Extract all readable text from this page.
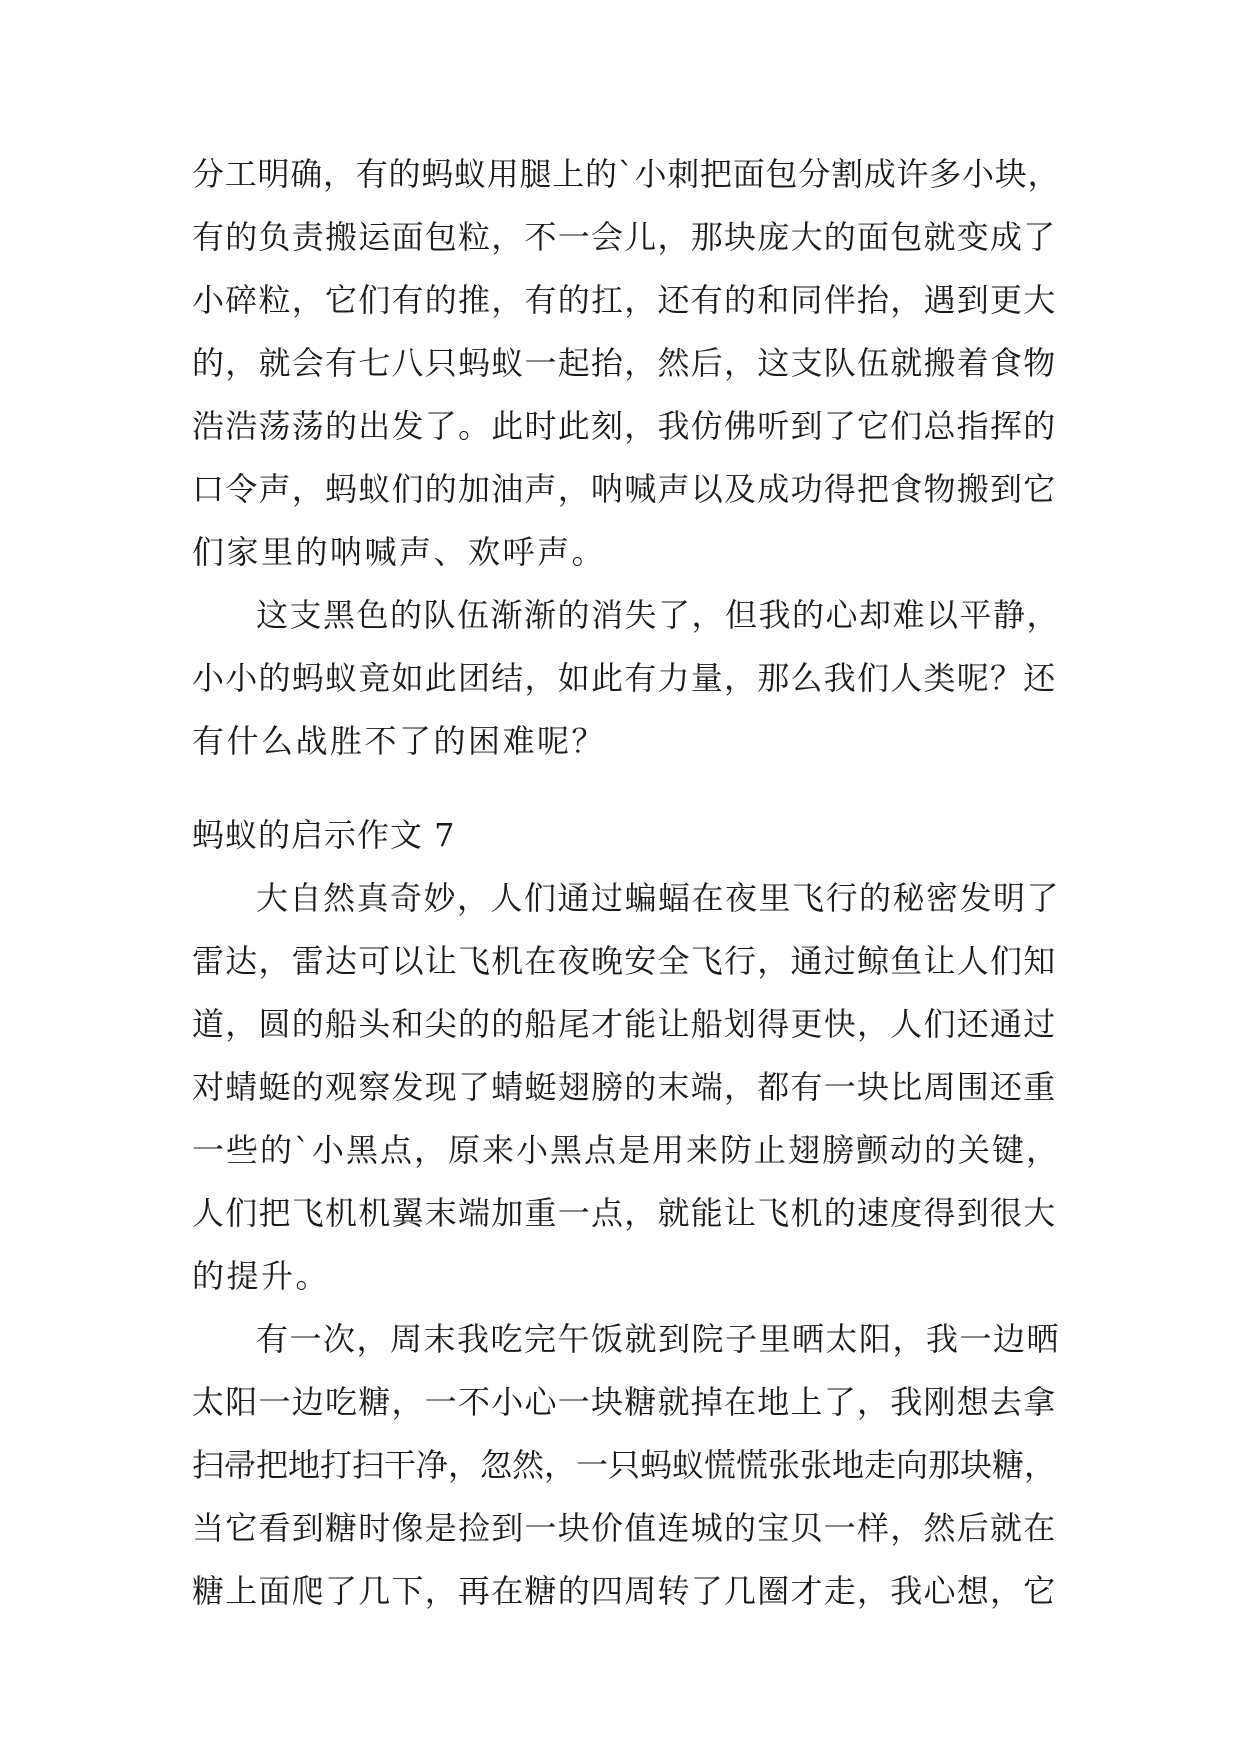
分工明确，有的蚂蚁用腿上的`小刺把面包分割成许多小块，
有的负责搬运面包粒，不一会儿，那块庞大的面包就变成了
小碎粒，它们有的推，有的扛，还有的和同伴抬，遇到更大
的，就会有七八只蚂蚁一起抬，然后，这支队伍就搬着食物
浩浩荡荡的出发了。此时此刻，我仿佛听到了它们总指挥的
口令声，蚂蚁们的加油声，呐喊声以及成功得把食物搬到它
们家里的呐喊声、欢呼声。
这支黑色的队伍渐渐的消失了，但我的心却难以平静，
小小的蚂蚁竟如此团结，如此有力量，那么我们人类呢？还
有什么战胜不了的困难呢？
蚂蚁的启示作文 7
大自然真奇妙，人们通过蝙蝠在夜里飞行的秘密发明了
雷达，雷达可以让飞机在夜晚安全飞行，通过鲸鱼让人们知
道，圆的船头和尖的的船尾才能让船划得更快，人们还通过
对蜻蜓的观察发现了蜻蜓翅膀的末端，都有一块比周围还重
一些的`小黑点，原来小黑点是用来防止翅膀颤动的关键，
人们把飞机机翼末端加重一点，就能让飞机的速度得到很大
的提升。
有一次，周末我吃完午饭就到院子里晒太阳，我一边晒
太阳一边吃糖，一不小心一块糖就掉在地上了，我刚想去拿
扫帚把地打扫干净，忽然，一只蚂蚁慌慌张张地走向那块糖，
当它看到糖时像是捡到一块价值连城的宝贝一样，然后就在
糖上面爬了几下，再在糖的四周转了几圈才走，我心想，它
